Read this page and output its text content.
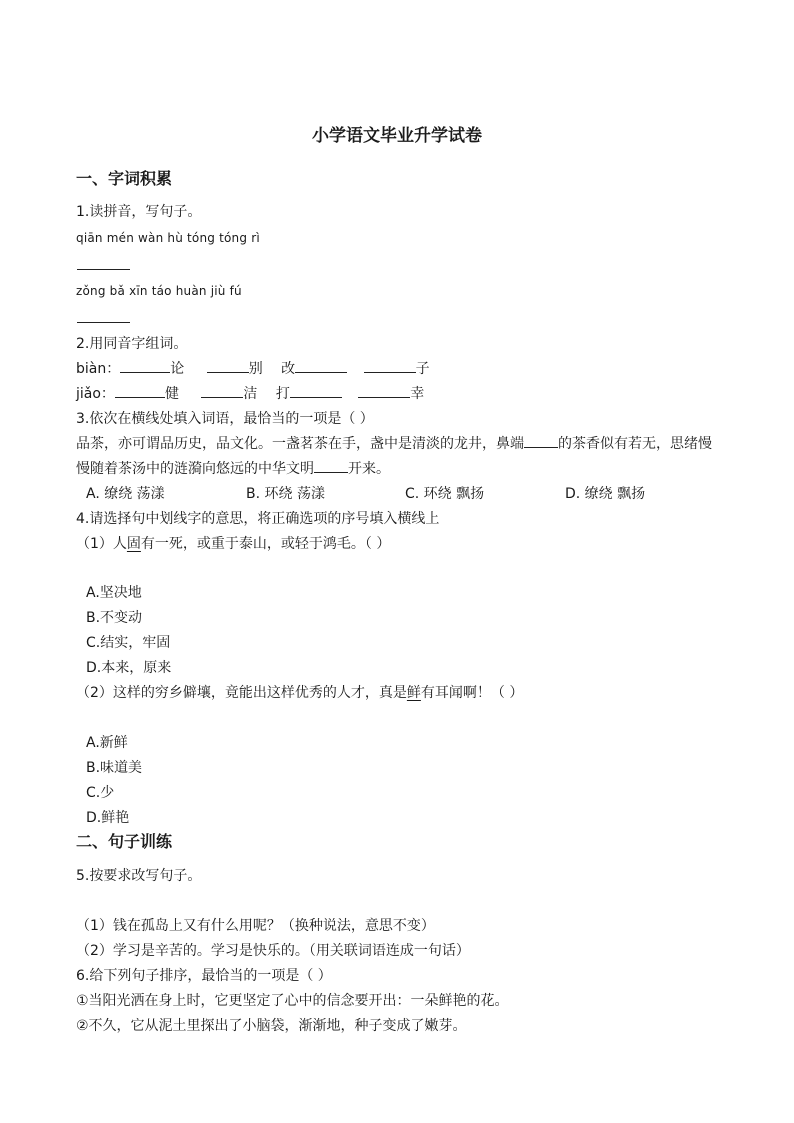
小学语文毕业升学试卷
一、字词积累
1.读拼音，写句子。
qiān mén wàn hù tóng tóng rì
zǒng bǎ xīn táo huàn jiù fú
2.用同音字组词。
biàn：	论	别 改	子
jiǎo：	健	洁 打	幸
3.依次在横线处填入词语，最恰当的一项是（ ）
品茶，亦可谓品历史，品文化。一盏茗茶在手，盏中是清淡的龙井，鼻端 的茶香似有若无，思绪慢
慢随着茶汤中的涟漪向悠远的中华文明 开来。
A. 缭绕 荡漾	B. 环绕 荡漾	C. 环绕 飘扬	D. 缭绕 飘扬
4.请选择句中划线字的意思，将正确选项的序号填入横线上
（1）人固有一死，或重于泰山，或轻于鸿毛。（ ）
A.坚决地
B.不变动
C.结实，牢固
D.本来，原来
（2）这样的穷乡僻壤，竟能出这样优秀的人才，真是鲜有耳闻啊！（ ）
A.新鲜
B.味道美
C.少
D.鲜艳
二、句子训练
5.按要求改写句子。
（1）钱在孤岛上又有什么用呢？（换种说法，意思不变）
（2）学习是辛苦的。学习是快乐的。（用关联词语连成一句话）
6.给下列句子排序，最恰当的一项是（ ）
①当阳光洒在身上时，它更坚定了心中的信念要开出：一朵鲜艳的花。
②不久，它从泥土里探出了小脑袋，渐渐地，种子变成了嫩芽。
